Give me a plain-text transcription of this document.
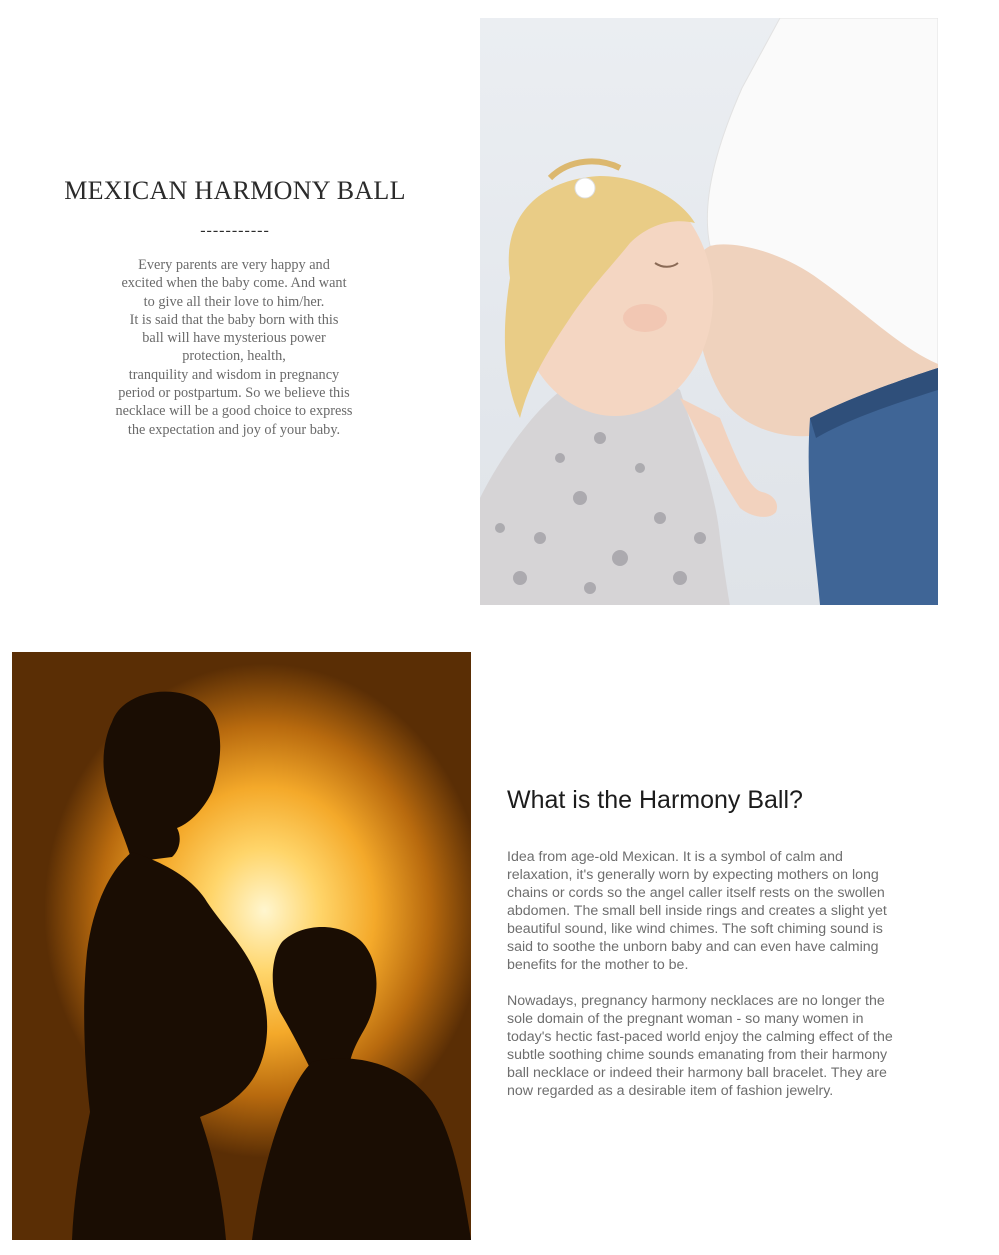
MEXICAN HARMONY BALL
-----------
Every parents are very happy and
excited when the baby come. And want
to give all their love to him/her.
It is said that the baby born with this
ball will have mysterious power
protection, health,
tranquility and wisdom in pregnancy
period or postpartum. So we believe this
necklace will be a good choice to express
the expectation and joy of your baby.
What is the Harmony Ball?
Idea from age-old Mexican. It is a symbol of calm and
relaxation, it's generally worn by expecting mothers on long
chains or cords so the angel caller itself rests on the swollen
abdomen. The small bell inside rings and creates a slight yet
beautiful sound, like wind chimes. The soft chiming sound is
said to soothe the unborn baby and can even have calming
benefits for the mother to be.
Nowadays, pregnancy harmony necklaces are no longer the
sole domain of the pregnant woman - so many women in
today's hectic fast-paced world enjoy the calming effect of the
subtle soothing chime sounds emanating from their harmony
ball necklace or indeed their harmony ball bracelet. They are
now regarded as a desirable item of fashion jewelry.
